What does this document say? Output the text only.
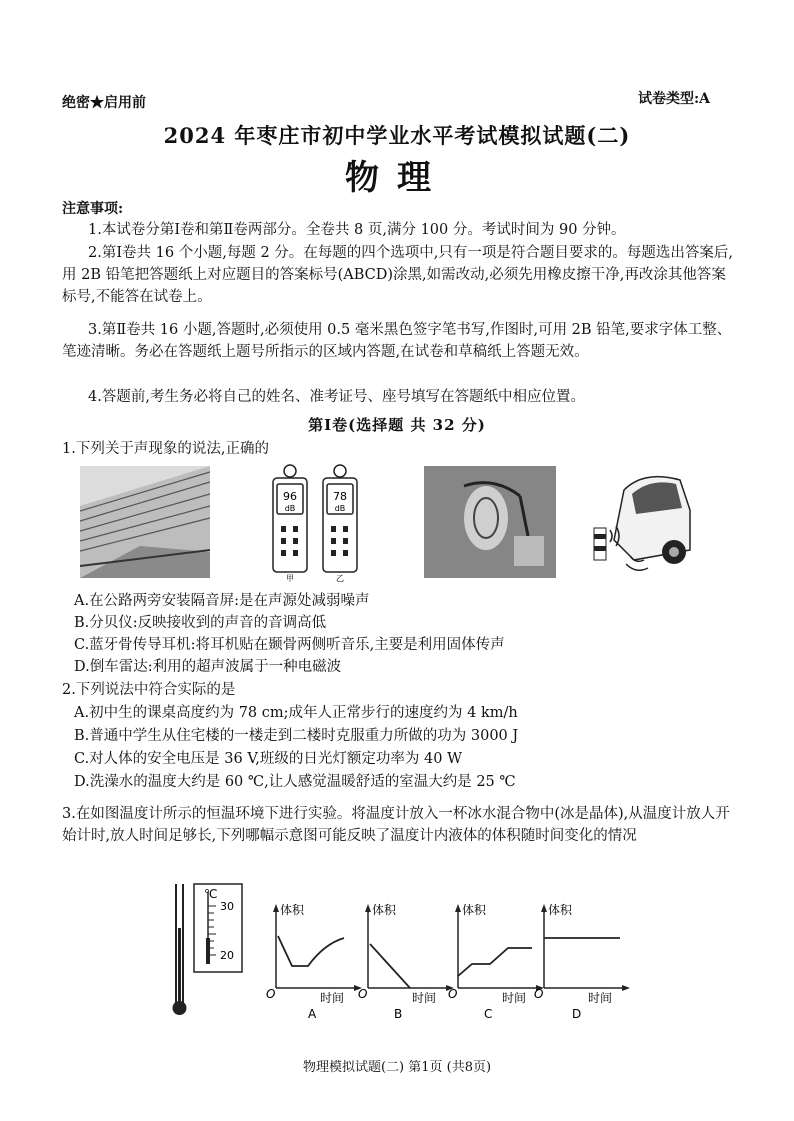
绝密★启用前	试卷类型:A
2024 年枣庄市初中学业水平考试模拟试题(二)
物理
注意事项:
1.本试卷分第Ⅰ卷和第Ⅱ卷两部分。全卷共 8 页,满分 100 分。考试时间为 90 分钟。
2.第Ⅰ卷共 16 个小题,每题 2 分。在每题的四个选项中,只有一项是符合题目要求的。每题选出答案后,用 2B 铅笔把答题纸上对应题目的答案标号(ABCD)涂黑,如需改动,必须先用橡皮擦干净,再改涂其他答案标号,不能答在试卷上。
3.第Ⅱ卷共 16 小题,答题时,必须使用 0.5 毫米黑色签字笔书写,作图时,可用 2B 铅笔,要求字体工整、笔迹清晰。务必在答题纸上题号所指示的区域内答题,在试卷和草稿纸上答题无效。
4.答题前,考生务必将自己的姓名、准考证号、座号填写在答题纸中相应位置。
第Ⅰ卷(选择题 共 32 分)
1.下列关于声现象的说法,正确的
96
dB
78
dB
甲	乙
A.在公路两旁安装隔音屏:是在声源处减弱噪声
B.分贝仪:反映接收到的声音的音调高低
C.蓝牙骨传导耳机:将耳机贴在颞骨两侧听音乐,主要是利用固体传声
D.倒车雷达:利用的超声波属于一种电磁波
2.下列说法中符合实际的是
A.初中生的课桌高度约为 78 cm;成年人正常步行的速度约为 4 km/h
B.普通中学生从住宅楼的一楼走到二楼时克服重力所做的功为 3000 J
C.对人体的安全电压是 36 V,班级的日光灯额定功率为 40 W
D.洗澡水的温度大约是 60 ℃,让人感觉温暖舒适的室温大约是 25 ℃
3.在如图温度计所示的恒温环境下进行实验。将温度计放入一杯冰水混合物中(冰是晶体),从温度计放人开始计时,放人时间足够长,下列哪幅示意图可能反映了温度计内液体的体积随时间变化的情况
℃
30
20
体积
O	时间
A
体积
O	时间
B
体积
O	时间
C
体积
O	时间
D
物理模拟试题(二) 第1页 (共8页)
